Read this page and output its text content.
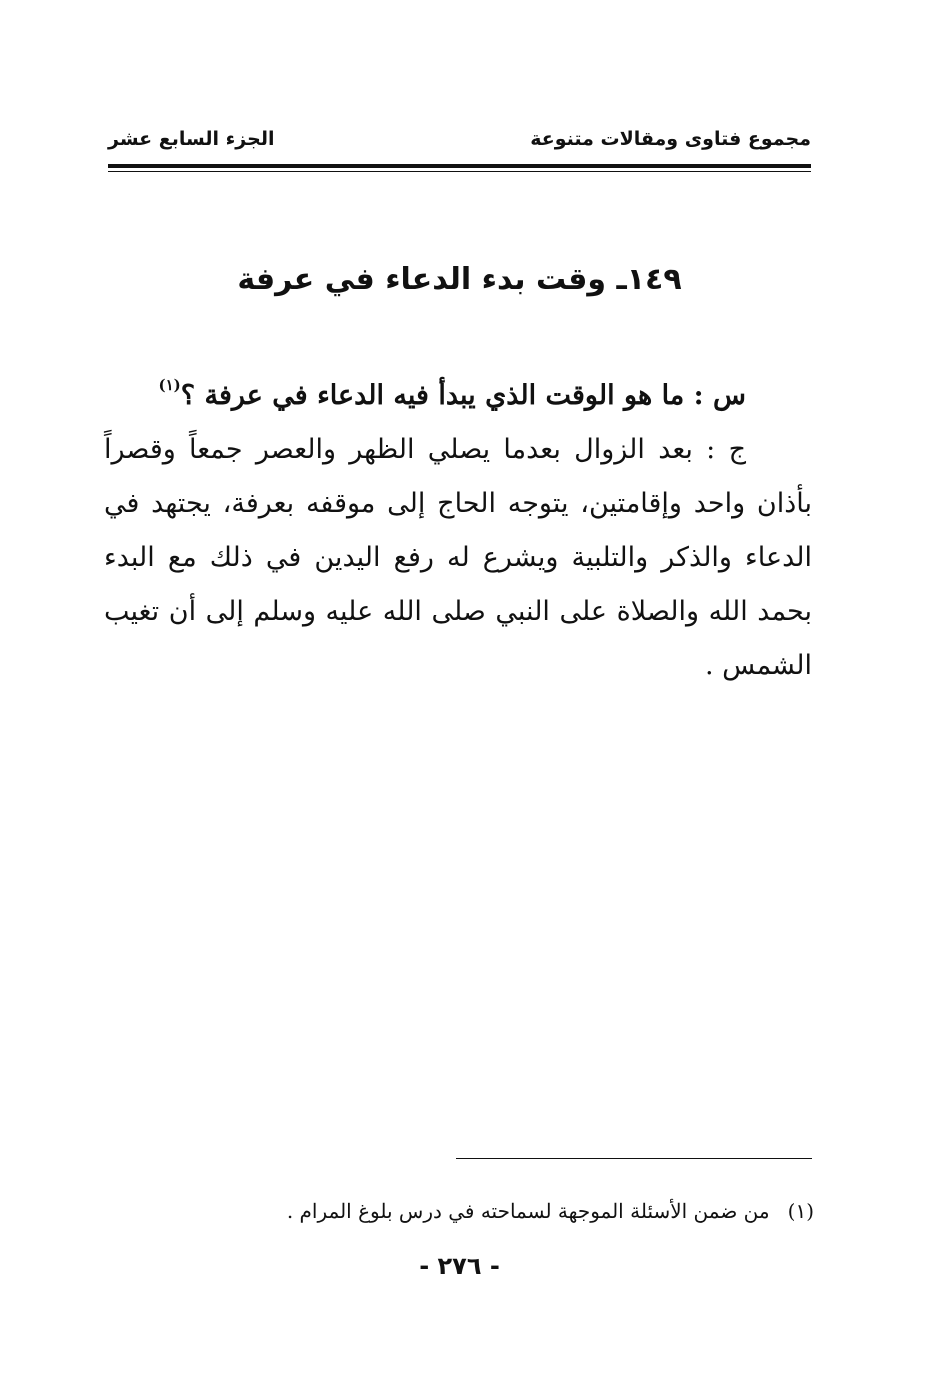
مجموع فتاوى ومقالات متنوعة
الجزء السابع عشر
١٤٩ـ وقت بدء الدعاء في عرفة
س : ما هو الوقت الذي يبدأ فيه الدعاء في عرفة ؟$^{(١)}$
ج : بعد الزوال بعدما يصلي الظهر والعصر جمعاً وقصراً بأذان واحد وإقامتين، يتوجه الحاج إلى موقفه بعرفة، يجتهد في الدعاء والذكر والتلبية ويشرع له رفع اليدين في ذلك مع البدء بحمد الله والصلاة على النبي صلى الله عليه وسلم إلى أن تغيب الشمس .
(١)من ضمن الأسئلة الموجهة لسماحته في درس بلوغ المرام .
- ٢٧٦ -
